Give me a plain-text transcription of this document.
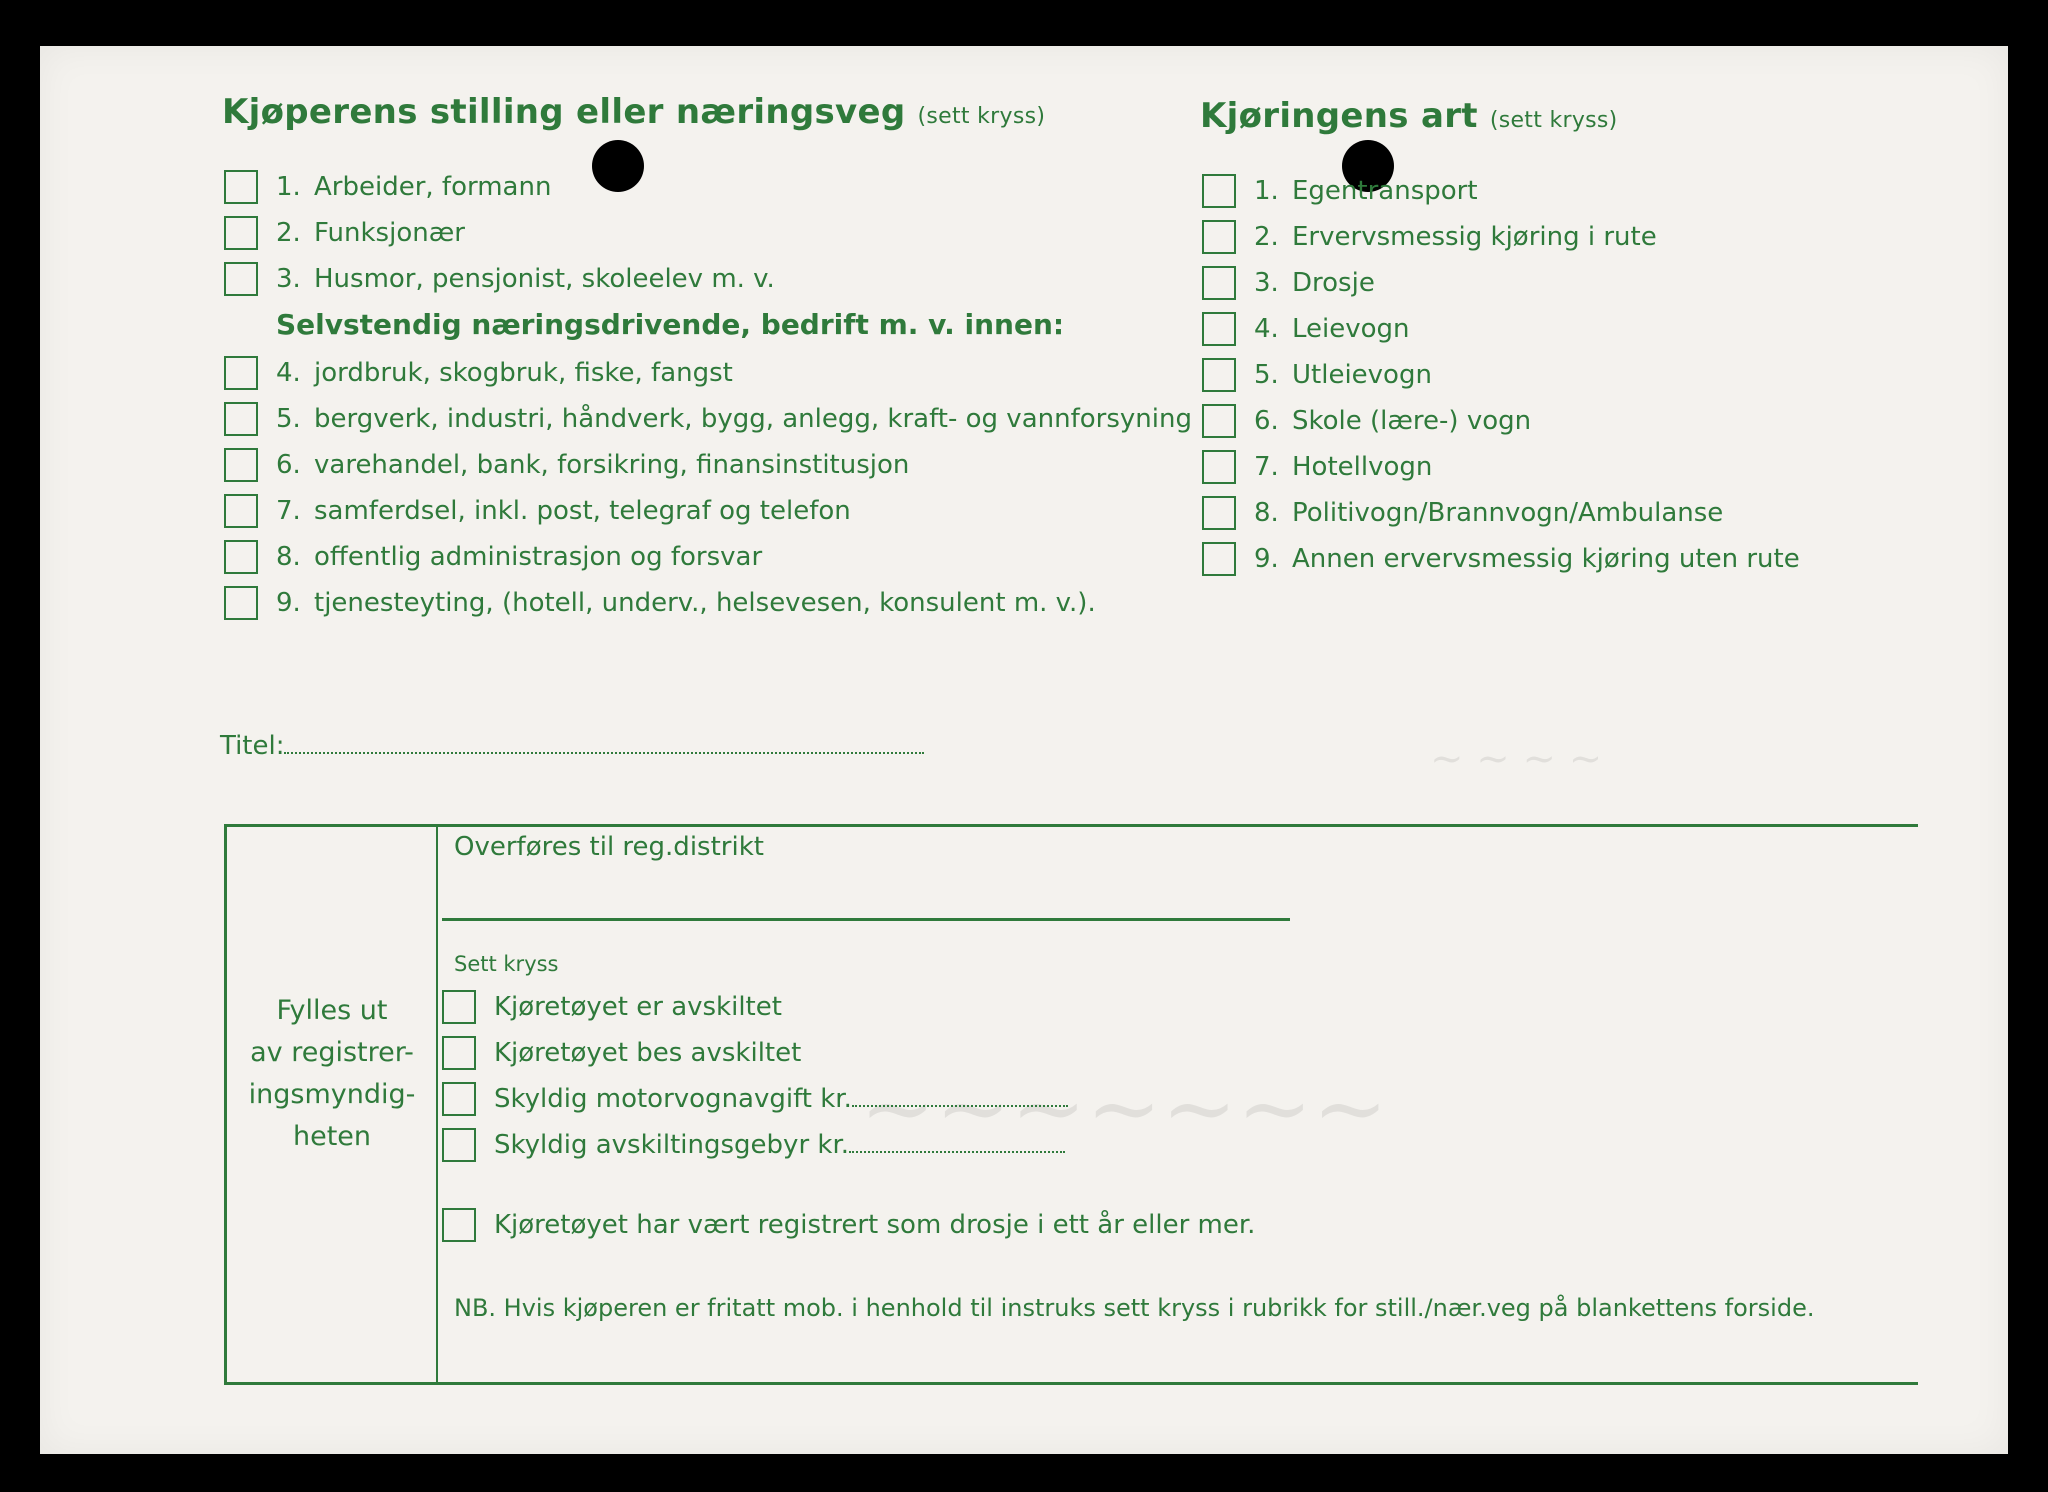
~ ~ ~ ~
~~~~~~~
Kjøperens stilling eller næringsveg (sett kryss)
1. Arbeider, formann
2. Funksjonær
3. Husmor, pensjonist, skoleelev m. v.
Selvstendig næringsdrivende, bedrift m. v. innen:
4. jordbruk, skogbruk, fiske, fangst
5. bergverk, industri, håndverk, bygg, anlegg, kraft- og vannforsyning
6. varehandel, bank, forsikring, finansinstitusjon
7. samferdsel, inkl. post, telegraf og telefon
8. offentlig administrasjon og forsvar
9. tjenesteyting, (hotell, underv., helsevesen, konsulent m. v.).
Kjøringens art (sett kryss)
1. Egentransport
2. Ervervsmessig kjøring i rute
3. Drosje
4. Leievogn
5. Utleievogn
6. Skole (lære-) vogn
7. Hotellvogn
8. Politivogn/Brannvogn/Ambulanse
9. Annen ervervsmessig kjøring uten rute
Titel:
Fylles ut
av registrer-
ingsmyndig-
heten
Overføres til reg.distrikt
Sett kryss
Kjøretøyet er avskiltet
Kjøretøyet bes avskiltet
Skyldig motorvognavgift kr.
Skyldig avskiltingsgebyr kr.
Kjøretøyet har vært registrert som drosje i ett år eller mer.
NB. Hvis kjøperen er fritatt mob. i henhold til instruks sett kryss i rubrikk for still./nær.veg på blankettens forside.
